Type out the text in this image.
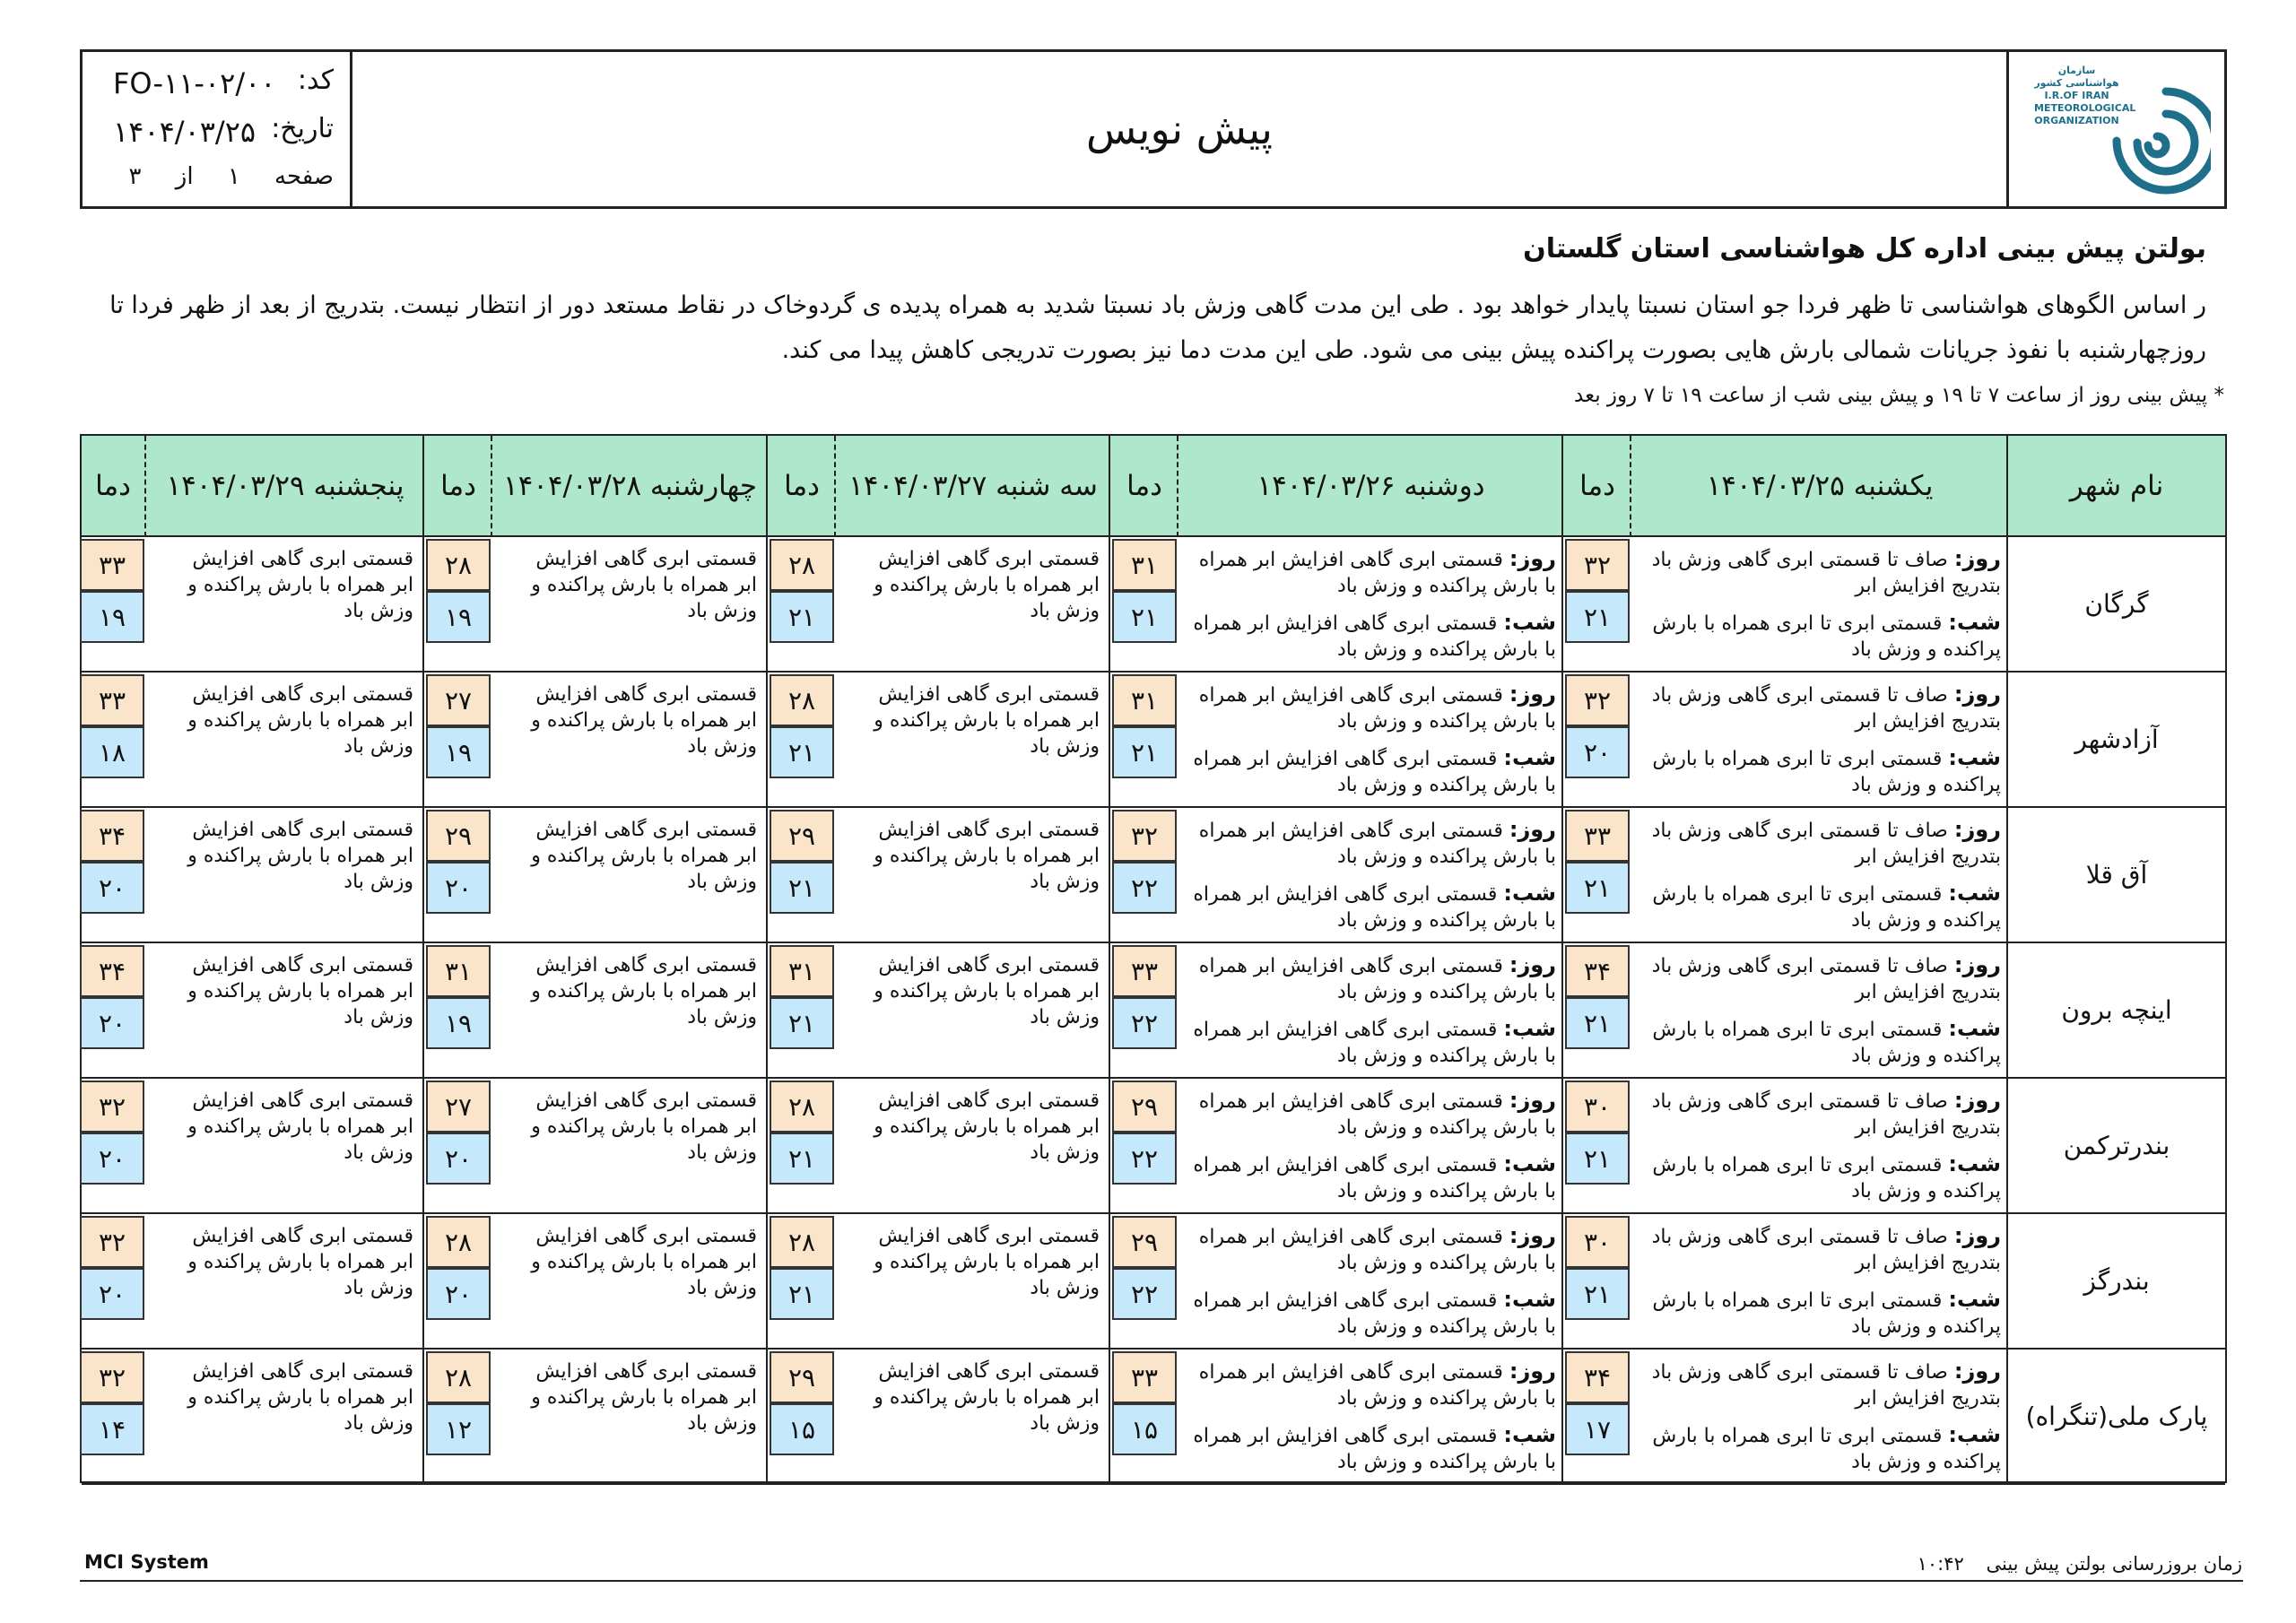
کد:
FO-۱۱-۰۲/۰۰
تاریخ:
۱۴۰۴/۰۳/۲۵
صفحه ۱ از ۳
پیش نویس
سازمان هواشناسی کشور I.R.OF IRAN METEOROLOGICAL ORGANIZATION
بولتن پیش بینی اداره کل هواشناسی استان گلستان
ر اساس الگوهای هواشناسی تا ظهر فردا جو استان نسبتا پایدار خواهد بود . طی این مدت گاهی وزش باد نسبتا شدید به همراه پدیده ی گردوخاک در نقاط مستعد دور از انتظار نیست. بتدریج از بعد از ظهر فردا تا روزچهارشنبه با نفوذ جریانات شمالی بارش هایی بصورت پراکنده پیش بینی می شود. طی این مدت دما نیز بصورت تدریجی کاهش پیدا می کند.
* پیش بینی روز از ساعت ۷ تا ۱۹ و پیش بینی شب از ساعت ۱۹ تا ۷ روز بعد
نام شهر
یکشنبه ۱۴۰۴/۰۳/۲۵
دما
دوشنبه ۱۴۰۴/۰۳/۲۶
دما
سه شنبه ۱۴۰۴/۰۳/۲۷
دما
چهارشنبه ۱۴۰۴/۰۳/۲۸
دما
پنجشنبه ۱۴۰۴/۰۳/۲۹
دما
گرگان
روز: صاف تا قسمتی ابری گاهی وزش باد بتدریج افزایش ابر
شب: قسمتی ابری تا ابری همراه با بارش پراکنده و وزش باد
روز: قسمتی ابری گاهی افزایش ابر همراه با بارش پراکنده و وزش باد
شب: قسمتی ابری گاهی افزایش ابر همراه با بارش پراکنده و وزش باد
قسمتی ابری گاهی افزایش ابر همراه با بارش پراکنده و وزش باد
قسمتی ابری گاهی افزایش ابر همراه با بارش پراکنده و وزش باد
قسمتی ابری گاهی افزایش ابر همراه با بارش پراکنده و وزش باد
۳۲
۲۱
۳۱
۲۱
۲۸
۲۱
۲۸
۱۹
۳۳
۱۹
آزادشهر
روز: صاف تا قسمتی ابری گاهی وزش باد بتدریج افزایش ابر
شب: قسمتی ابری تا ابری همراه با بارش پراکنده و وزش باد
روز: قسمتی ابری گاهی افزایش ابر همراه با بارش پراکنده و وزش باد
شب: قسمتی ابری گاهی افزایش ابر همراه با بارش پراکنده و وزش باد
قسمتی ابری گاهی افزایش ابر همراه با بارش پراکنده و وزش باد
قسمتی ابری گاهی افزایش ابر همراه با بارش پراکنده و وزش باد
قسمتی ابری گاهی افزایش ابر همراه با بارش پراکنده و وزش باد
۳۲
۲۰
۳۱
۲۱
۲۸
۲۱
۲۷
۱۹
۳۳
۱۸
آق قلا
روز: صاف تا قسمتی ابری گاهی وزش باد بتدریج افزایش ابر
شب: قسمتی ابری تا ابری همراه با بارش پراکنده و وزش باد
روز: قسمتی ابری گاهی افزایش ابر همراه با بارش پراکنده و وزش باد
شب: قسمتی ابری گاهی افزایش ابر همراه با بارش پراکنده و وزش باد
قسمتی ابری گاهی افزایش ابر همراه با بارش پراکنده و وزش باد
قسمتی ابری گاهی افزایش ابر همراه با بارش پراکنده و وزش باد
قسمتی ابری گاهی افزایش ابر همراه با بارش پراکنده و وزش باد
۳۳
۲۱
۳۲
۲۲
۲۹
۲۱
۲۹
۲۰
۳۴
۲۰
اینچه برون
روز: صاف تا قسمتی ابری گاهی وزش باد بتدریج افزایش ابر
شب: قسمتی ابری تا ابری همراه با بارش پراکنده و وزش باد
روز: قسمتی ابری گاهی افزایش ابر همراه با بارش پراکنده و وزش باد
شب: قسمتی ابری گاهی افزایش ابر همراه با بارش پراکنده و وزش باد
قسمتی ابری گاهی افزایش ابر همراه با بارش پراکنده و وزش باد
قسمتی ابری گاهی افزایش ابر همراه با بارش پراکنده و وزش باد
قسمتی ابری گاهی افزایش ابر همراه با بارش پراکنده و وزش باد
۳۴
۲۱
۳۳
۲۲
۳۱
۲۱
۳۱
۱۹
۳۴
۲۰
بندرترکمن
روز: صاف تا قسمتی ابری گاهی وزش باد بتدریج افزایش ابر
شب: قسمتی ابری تا ابری همراه با بارش پراکنده و وزش باد
روز: قسمتی ابری گاهی افزایش ابر همراه با بارش پراکنده و وزش باد
شب: قسمتی ابری گاهی افزایش ابر همراه با بارش پراکنده و وزش باد
قسمتی ابری گاهی افزایش ابر همراه با بارش پراکنده و وزش باد
قسمتی ابری گاهی افزایش ابر همراه با بارش پراکنده و وزش باد
قسمتی ابری گاهی افزایش ابر همراه با بارش پراکنده و وزش باد
۳۰
۲۱
۲۹
۲۲
۲۸
۲۱
۲۷
۲۰
۳۲
۲۰
بندرگز
روز: صاف تا قسمتی ابری گاهی وزش باد بتدریج افزایش ابر
شب: قسمتی ابری تا ابری همراه با بارش پراکنده و وزش باد
روز: قسمتی ابری گاهی افزایش ابر همراه با بارش پراکنده و وزش باد
شب: قسمتی ابری گاهی افزایش ابر همراه با بارش پراکنده و وزش باد
قسمتی ابری گاهی افزایش ابر همراه با بارش پراکنده و وزش باد
قسمتی ابری گاهی افزایش ابر همراه با بارش پراکنده و وزش باد
قسمتی ابری گاهی افزایش ابر همراه با بارش پراکنده و وزش باد
۳۰
۲۱
۲۹
۲۲
۲۸
۲۱
۲۸
۲۰
۳۲
۲۰
پارک ملی(تنگراه)
روز: صاف تا قسمتی ابری گاهی وزش باد بتدریج افزایش ابر
شب: قسمتی ابری تا ابری همراه با بارش پراکنده و وزش باد
روز: قسمتی ابری گاهی افزایش ابر همراه با بارش پراکنده و وزش باد
شب: قسمتی ابری گاهی افزایش ابر همراه با بارش پراکنده و وزش باد
قسمتی ابری گاهی افزایش ابر همراه با بارش پراکنده و وزش باد
قسمتی ابری گاهی افزایش ابر همراه با بارش پراکنده و وزش باد
قسمتی ابری گاهی افزایش ابر همراه با بارش پراکنده و وزش باد
۳۴
۱۷
۳۳
۱۵
۲۹
۱۵
۲۸
۱۲
۳۲
۱۴
MCI System	زمان بروزرسانی بولتن پیش بینی ۱۰:۴۲
